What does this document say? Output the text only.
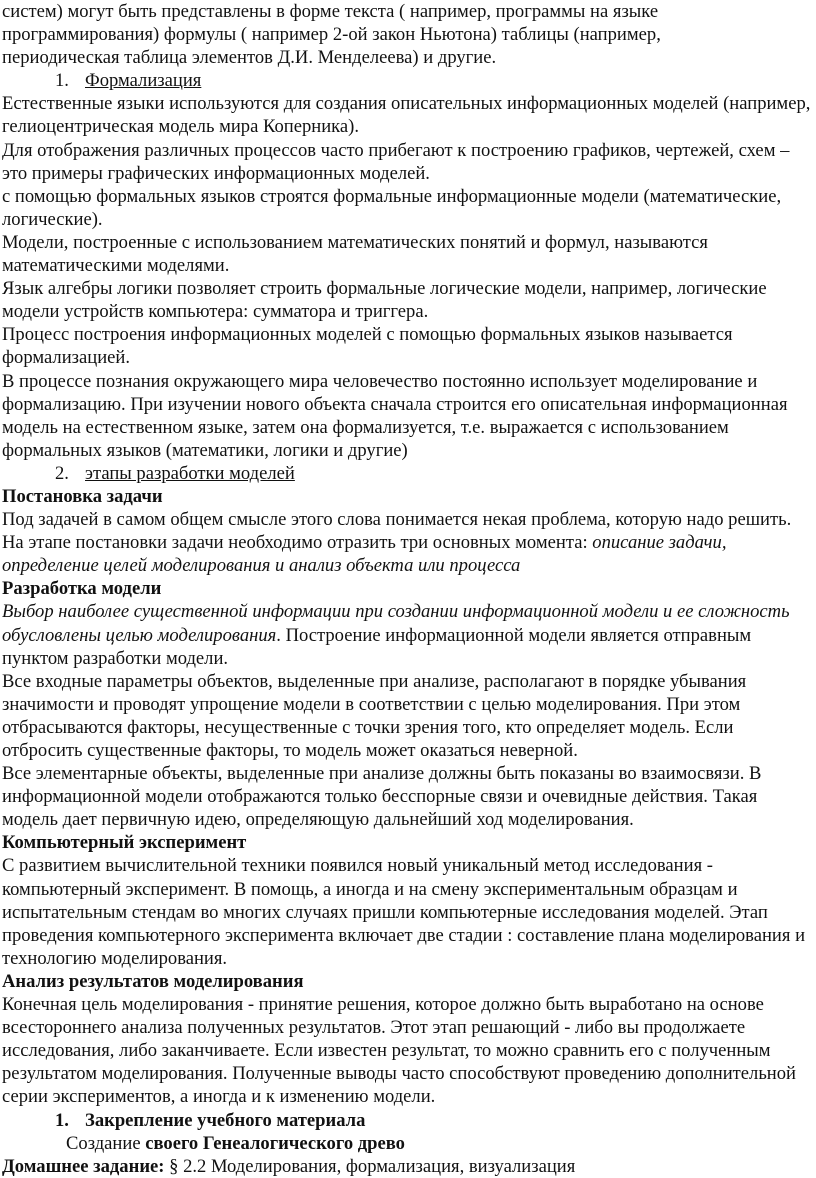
систем) могут быть представлены в форме текста ( например, программы на языке
программирования) формулы ( например 2-ой закон Ньютона) таблицы (например,
периодическая таблица элементов Д.И. Менделеева) и другие.

1. Формализация

Естественные языки используются для создания описательных информационных моделей (например, гелиоцентрическая модель мира Коперника).

Для отображения различных процессов часто прибегают к построению графиков, чертежей, схем – это примеры графических информационных моделей.

с помощью формальных языков строятся формальные информационные модели (математические, логические).

Модели, построенные с использованием математических понятий и формул, называются математическими моделями.

Язык алгебры логики позволяет строить формальные логические модели, например, логические модели устройств компьютера: сумматора и триггера.

Процесс построения информационных моделей с помощью формальных языков называется формализацией.

В процессе познания окружающего мира человечество постоянно использует моделирование и формализацию. При изучении нового объекта сначала строится его описательная информационная модель на естественном языке, затем она формализуется, т.е. выражается с использованием формальных языков (математики, логики и другие)

2. этапы разработки моделей

Постановка задачи

Под задачей в самом общем смысле этого слова понимается некая проблема, которую надо решить. На этапе постановки задачи необходимо отразить три основных момента: описание задачи, определение целей моделирования и анализ объекта или процесса

Разработка модели

Выбор наиболее существенной информации при создании информационной модели и ее сложность обусловлены целью моделирования. Построение информационной модели является отправным пунктом разработки модели.

Все входные параметры объектов, выделенные при анализе, располагают в порядке убывания значимости и проводят упрощение модели в соответствии с целью моделирования. При этом отбрасываются факторы, несущественные с точки зрения того, кто определяет модель. Если отбросить существенные факторы, то модель может оказаться неверной.

Все элементарные объекты, выделенные при анализе должны быть показаны во взаимосвязи. В информационной модели отображаются только бесспорные связи и очевидные действия. Такая модель дает первичную идею, определяющую дальнейший ход моделирования.

Компьютерный эксперимент

С развитием вычислительной техники появился новый уникальный метод исследования - компьютерный эксперимент. В помощь, а иногда и на смену экспериментальным образцам и испытательным стендам во многих случаях пришли компьютерные исследования моделей. Этап проведения компьютерного эксперимента включает две стадии : составление плана моделирования и технологию моделирования.

Анализ результатов моделирования

Конечная цель моделирования - принятие решения, которое должно быть выработано на основе всестороннего анализа полученных результатов. Этот этап решающий - либо вы продолжаете исследования, либо заканчиваете. Если известен результат, то можно сравнить его с полученным результатом моделирования. Полученные выводы часто способствуют проведению дополнительной серии экспериментов, а иногда и к изменению модели.

1. Закрепление учебного материала

Создание своего Генеалогического древо

Домашнее задание: § 2.2 Моделирования, формализация, визуализация
